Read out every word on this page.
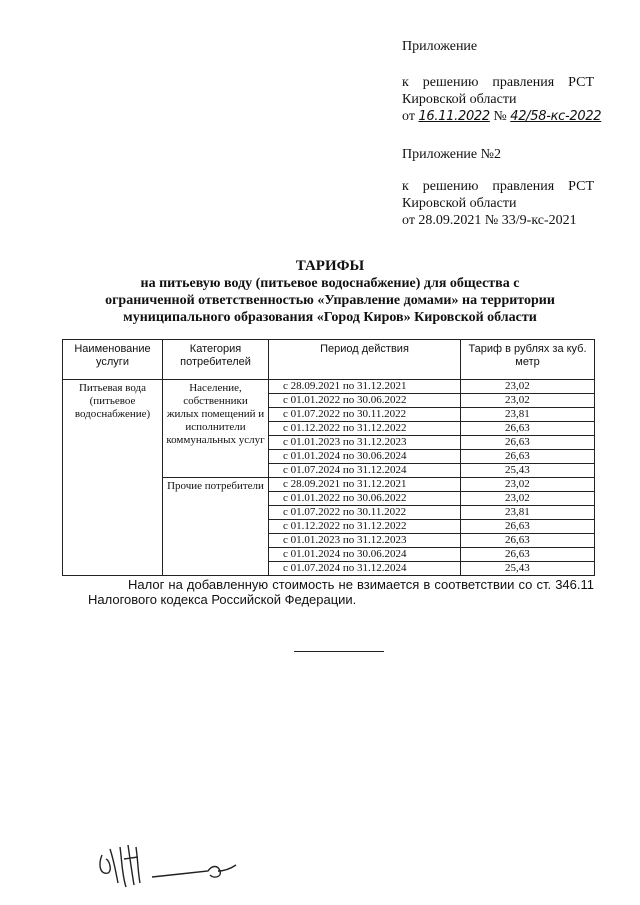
Приложение
к решению правления РСТ
Кировской области
от 16.11.2022 № 42/58-кс-2022
Приложение №2
к решению правления РСТ
Кировской области
от 28.09.2021 № 33/9-кс-2021
ТАРИФЫ
на питьевую воду (питьевое водоснабжение) для общества с
ограниченной ответственностью «Управление домами» на территории
муниципального образования «Город Киров» Кировской области
Наименование услуги	Категория потребителей	Период действия	Тариф в рублях за куб. метр
Питьевая вода (питьевое водоснабжение)	Население, собственники жилых помещений и исполнители коммунальных услуг	с 28.09.2021 по 31.12.2021	23,02
		с 01.01.2022 по 30.06.2022	23,02
		с 01.07.2022 по 30.11.2022	23,81
		с 01.12.2022 по 31.12.2022	26,63
		с 01.01.2023 по 31.12.2023	26,63
		с 01.01.2024 по 30.06.2024	26,63
		с 01.07.2024 по 31.12.2024	25,43
	Прочие потребители	с 28.09.2021 по 31.12.2021	23,02
		с 01.01.2022 по 30.06.2022	23,02
		с 01.07.2022 по 30.11.2022	23,81
		с 01.12.2022 по 31.12.2022	26,63
		с 01.01.2023 по 31.12.2023	26,63
		с 01.01.2024 по 30.06.2024	26,63
		с 01.07.2024 по 31.12.2024	25,43
Налог на добавленную стоимость не взимается в соответствии со ст. 346.11
Налогового кодекса Российской Федерации.
